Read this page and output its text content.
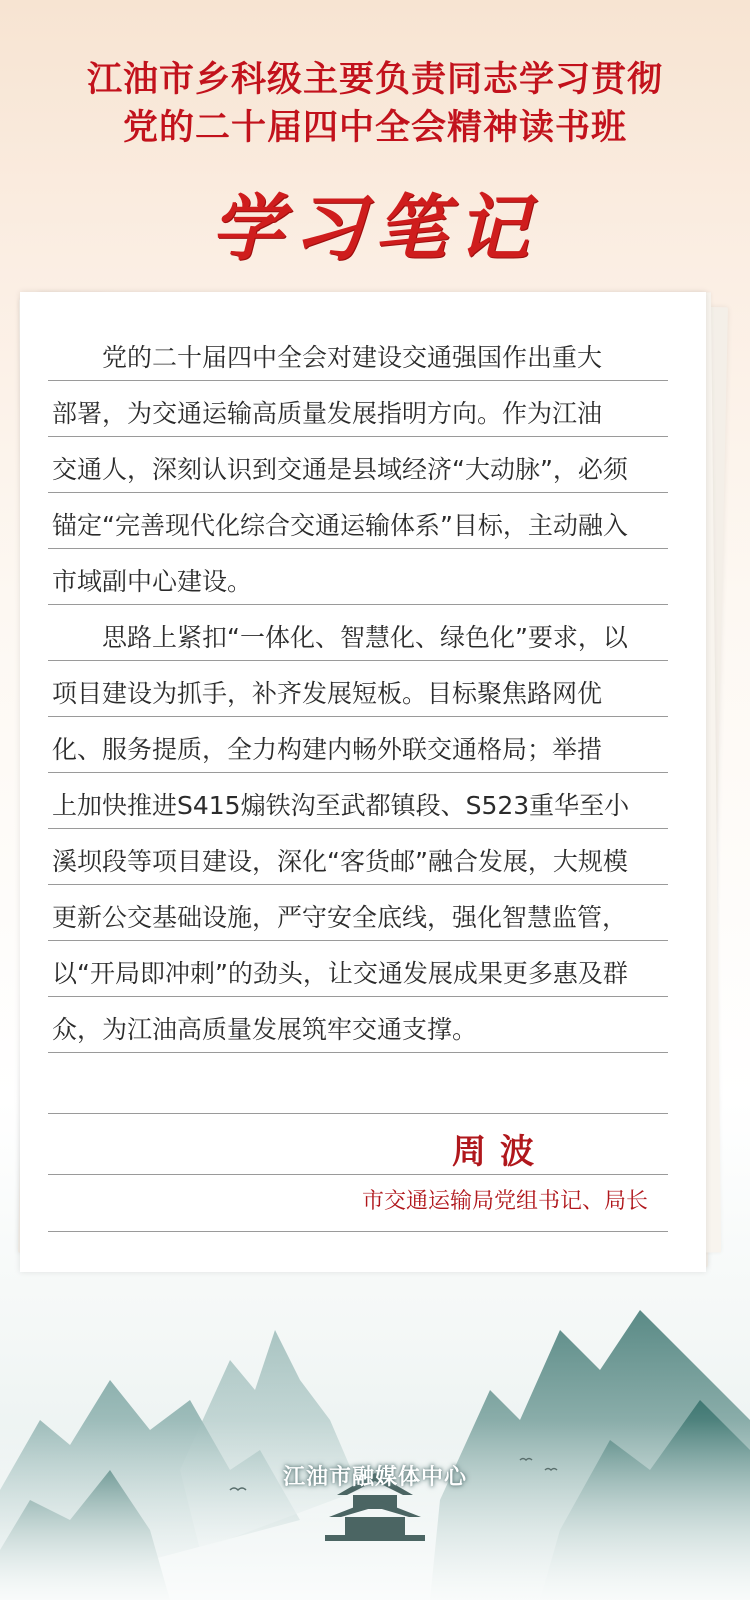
江油市乡科级主要负责同志学习贯彻
党的二十届四中全会精神读书班
学习笔记
党的二十届四中全会对建设交通强国作出重大
部署，为交通运输高质量发展指明方向。作为江油
交通人，深刻认识到交通是县域经济“大动脉”，必须
锚定“完善现代化综合交通运输体系”目标，主动融入
市域副中心建设。
思路上紧扣“一体化、智慧化、绿色化”要求，以
项目建设为抓手，补齐发展短板。目标聚焦路网优
化、服务提质，全力构建内畅外联交通格局；举措
上加快推进S415煽铁沟至武都镇段、S523重华至小
溪坝段等项目建设，深化“客货邮”融合发展，大规模
更新公交基础设施，严守安全底线，强化智慧监管，
以“开局即冲刺”的劲头，让交通发展成果更多惠及群
众，为江油高质量发展筑牢交通支撑。
周波
市交通运输局党组书记、局长
江油市融媒体中心
